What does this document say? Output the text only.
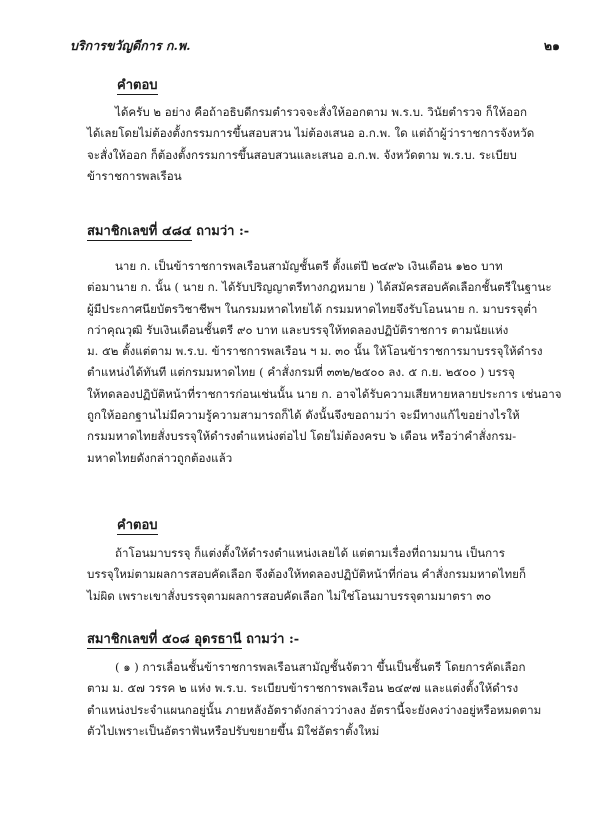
บริการขวัญดีการ ก.พ.	๒๑
คำตอบ
ได้ครับ ๒ อย่าง คือถ้าอธิบดีกรมตำรวจจะสั่งให้ออกตาม พ.ร.บ. วินัยตำรวจ ก็ให้ออก
ได้เลยโดยไม่ต้องตั้งกรรมการขึ้นสอบสวน ไม่ต้องเสนอ อ.ก.พ. ใด แต่ถ้าผู้ว่าราชการจังหวัด
จะสั่งให้ออก ก็ต้องตั้งกรรมการขึ้นสอบสวนและเสนอ อ.ก.พ. จังหวัดตาม พ.ร.บ. ระเบียบ
ข้าราชการพลเรือน
สมาชิกเลขที่ ๔๘๔ ถามว่า :-
นาย ก. เป็นข้าราชการพลเรือนสามัญชั้นตรี ตั้งแต่ปี ๒๔๙๖ เงินเดือน ๑๒๐ บาท
ต่อมานาย ก. นั้น ( นาย ก. ได้รับปริญญาตรีทางกฎหมาย ) ได้สมัครสอบคัดเลือกชั้นตรีในฐานะ
ผู้มีประกาศนียบัตรวิชาชีพฯ ในกรมมหาดไทยได้ กรมมหาดไทยจึงรับโอนนาย ก. มาบรรจุต่ำ
กว่าคุณวุฒิ รับเงินเดือนชั้นตรี ๙๐ บาท และบรรจุให้ทดลองปฏิบัติราชการ ตามนัยแห่ง
ม. ๕๒ ตั้งแต่ตาม พ.ร.บ. ข้าราชการพลเรือน ฯ ม. ๓๐ นั้น ให้โอนข้าราชการมาบรรจุให้ดำรง
ตำแหน่งได้ทันที แต่กรมมหาดไทย ( คำสั่งกรมที่ ๓๓๒/๒๕๐๐ ลง. ๕ ก.ย. ๒๕๐๐ ) บรรจุ
ให้ทดลองปฏิบัติหน้าที่ราชการก่อนเช่นนั้น นาย ก. อาจได้รับความเสียหายหลายประการ เช่นอาจ
ถูกให้ออกฐานไม่มีความรู้ความสามารถก็ได้ ดังนั้นจึงขอถามว่า จะมีทางแก้ไขอย่างไรให้
กรมมหาดไทยสั่งบรรจุให้ดำรงตำแหน่งต่อไป โดยไม่ต้องครบ ๖ เดือน หรือว่าคำสั่งกรม-
มหาดไทยดังกล่าวถูกต้องแล้ว
คำตอบ
ถ้าโอนมาบรรจุ ก็แต่งตั้งให้ดำรงตำแหน่งเลยได้ แต่ตามเรื่องที่ถามมาน เป็นการ
บรรจุใหม่ตามผลการสอบคัดเลือก จึงต้องให้ทดลองปฏิบัติหน้าที่ก่อน คำสั่งกรมมหาดไทยก็
ไม่ผิด เพราะเขาสั่งบรรจุตามผลการสอบคัดเลือก ไม่ใช่โอนมาบรรจุตามมาตรา ๓๐
สมาชิกเลขที่ ๕๐๘ อุดรธานี ถามว่า :-
( ๑ ) การเลื่อนชั้นข้าราชการพลเรือนสามัญชั้นจัตวา ขึ้นเป็นชั้นตรี โดยการคัดเลือก
ตาม ม. ๕๗ วรรค ๒ แห่ง พ.ร.บ. ระเบียบข้าราชการพลเรือน ๒๔๙๗ และแต่งตั้งให้ดำรง
ตำแหน่งประจำแผนกอยู่นั้น ภายหลังอัตราดังกล่าวว่างลง อัตรานี้จะยังคงว่างอยู่หรือหมดตาม
ตัวไปเพราะเป็นอัตราฟันหรือปรับขยายขึ้น มิใช่อัตราตั้งใหม่
